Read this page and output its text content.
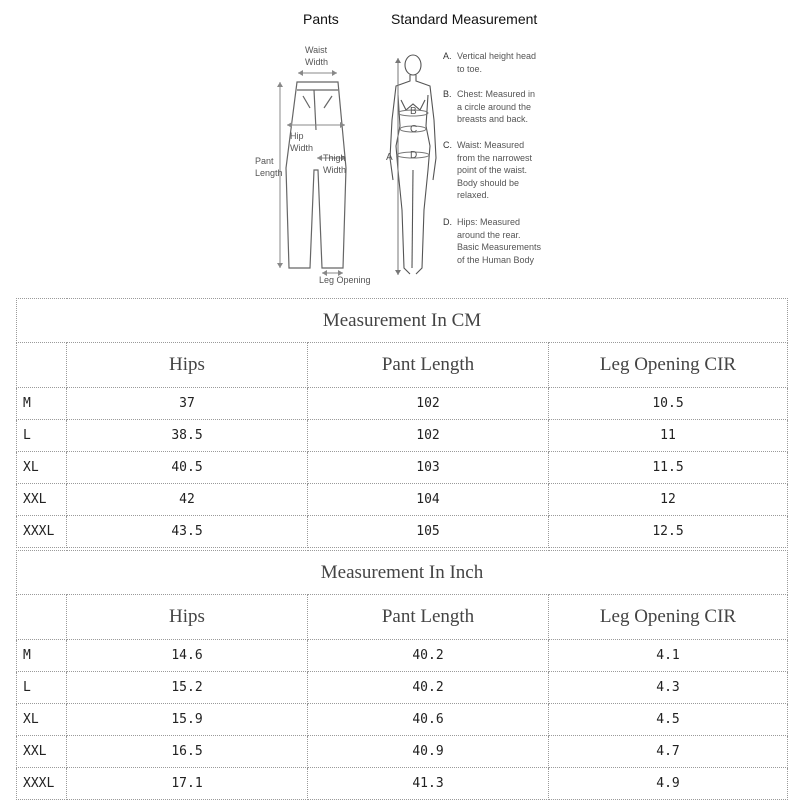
Pants	Standard Measurement
Waist
Width
Hip
Width
Thigh
Width
Pant
Length
Leg Opening
A
B
C
D
A. Vertical height head
to toe.
B. Chest: Measured in
a circle around the
breasts and back.
C. Waist: Measured
from the narrowest
point of the waist.
Body should be
relaxed.
D. Hips: Measured
around the rear.
Basic Measurements
of the Human Body
Measurement In CM			
	Hips	Pant Length	Leg Opening CIR
M	37	102	10.5
L	38.5	102	11
XL	40.5	103	11.5
XXL	42	104	12
XXXL	43.5	105	12.5
Measurement In Inch			
	Hips	Pant Length	Leg Opening CIR
M	14.6	40.2	4.1
L	15.2	40.2	4.3
XL	15.9	40.6	4.5
XXL	16.5	40.9	4.7
XXXL	17.1	41.3	4.9
